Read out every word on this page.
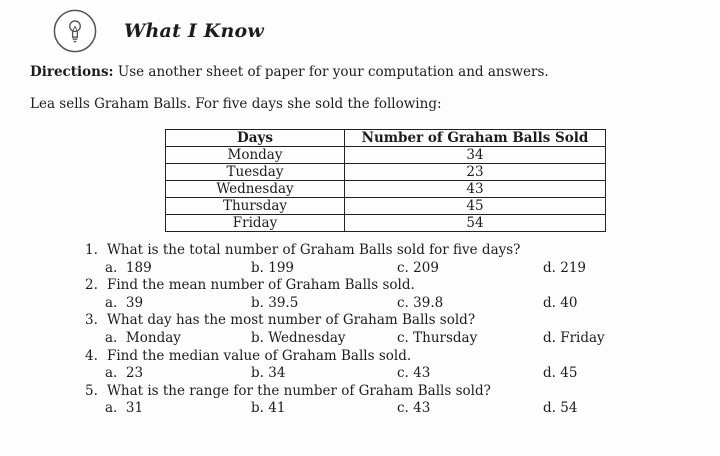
What I Know
Directions: Use another sheet of paper for your computation and answers.
Lea sells Graham Balls. For five days she sold the following:
Days	Number of Graham Balls Sold
Monday	34
Tuesday	23
Wednesday	43
Thursday	45
Friday	54
1. What is the total number of Graham Balls sold for five days?
a.  189	b. 199	c. 209	d. 219
2. Find the mean number of Graham Balls sold.
a.  39	b. 39.5	c. 39.8	d. 40
3. What day has the most number of Graham Balls sold?
a.  Monday	b. Wednesday	c. Thursday	d. Friday
4. Find the median value of Graham Balls sold.
a.  23	b. 34	c. 43	d. 45
5. What is the range for the number of Graham Balls sold?
a.  31	b. 41	c. 43	d. 54
